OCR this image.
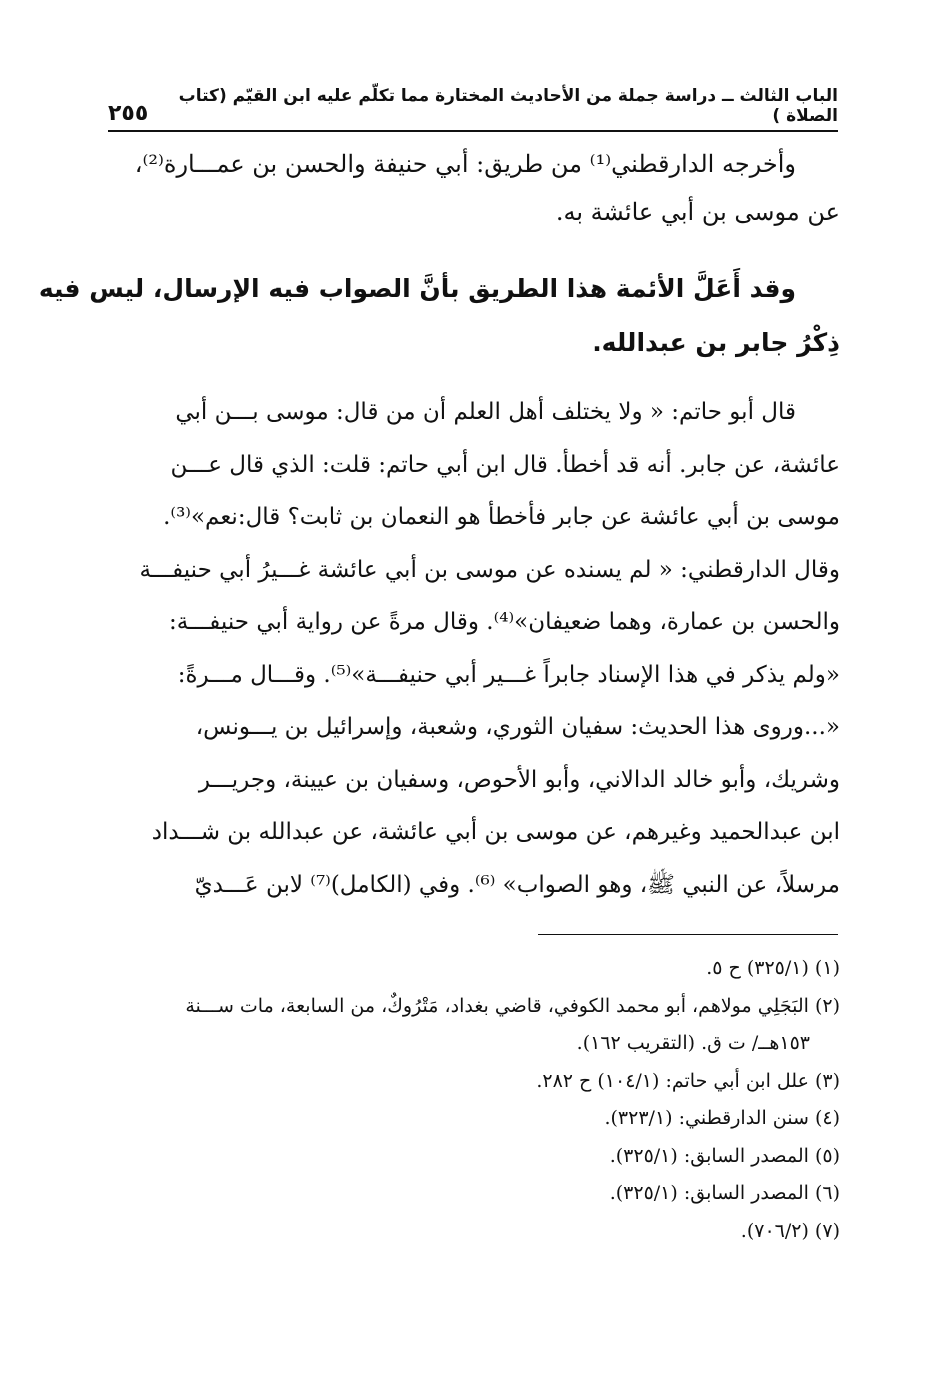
الباب الثالث ــ دراسة جملة من الأحاديث المختارة مما تكلّم عليه ابن القيّم (كتاب الصلاة )
٢٥٥
وأخرجه الدارقطني⁽¹⁾ من طريق: أبي حنيفة والحسن بن عمـــارة⁽²⁾،
عن موسى بن أبي عائشة به.
وقد أَعَلَّ الأئمة هذا الطريق بأنَّ الصواب فيه الإرسال، ليس فيه
ذِكْرُ جابر بن عبدالله.
قال أبو حاتم: « ولا يختلف أهل العلم أن من قال: موسى بـــن أبي
عائشة، عن جابر. أنه قد أخطأ. قال ابن أبي حاتم: قلت: الذي قال عـــن
موسى بن أبي عائشة عن جابر فأخطأ هو النعمان بن ثابت؟ قال:نعم»⁽³⁾.
وقال الدارقطني: « لم يسنده عن موسى بن أبي عائشة غـــيرُ أبي حنيفـــة
والحسن بن عمارة، وهما ضعيفان»⁽⁴⁾. وقال مرةً عن رواية أبي حنيفـــة:
«ولم يذكر في هذا الإسناد جابراً غـــير أبي حنيفـــة»⁽⁵⁾. وقـــال مـــرةً:
«...وروى هذا الحديث: سفيان الثوري، وشعبة، وإسرائيل بن يـــونس،
وشريك، وأبو خالد الدالاني، وأبو الأحوص، وسفيان بن عيينة، وجريـــر
ابن عبدالحميد وغيرهم، عن موسى بن أبي عائشة، عن عبدالله بن شـــداد
مرسلاً، عن النبي ﷺ، وهو الصواب» ⁽⁶⁾. وفي (الكامل)⁽⁷⁾ لابن عَـــديّ
(١) (٣٢٥/١) ح ٥.
(٢) البَجَلِي مولاهم، أبو محمد الكوفي، قاضي بغداد، مَتْرُوكٌ، من السابعة، مات ســـنة
١٥٣هــ/ ت ق. (التقريب ١٦٢).
(٣) علل ابن أبي حاتم: (١٠٤/١) ح ٢٨٢.
(٤) سنن الدارقطني: (٣٢٣/١).
(٥) المصدر السابق: (٣٢٥/١).
(٦) المصدر السابق: (٣٢٥/١).
(٧) (٧٠٦/٢).
